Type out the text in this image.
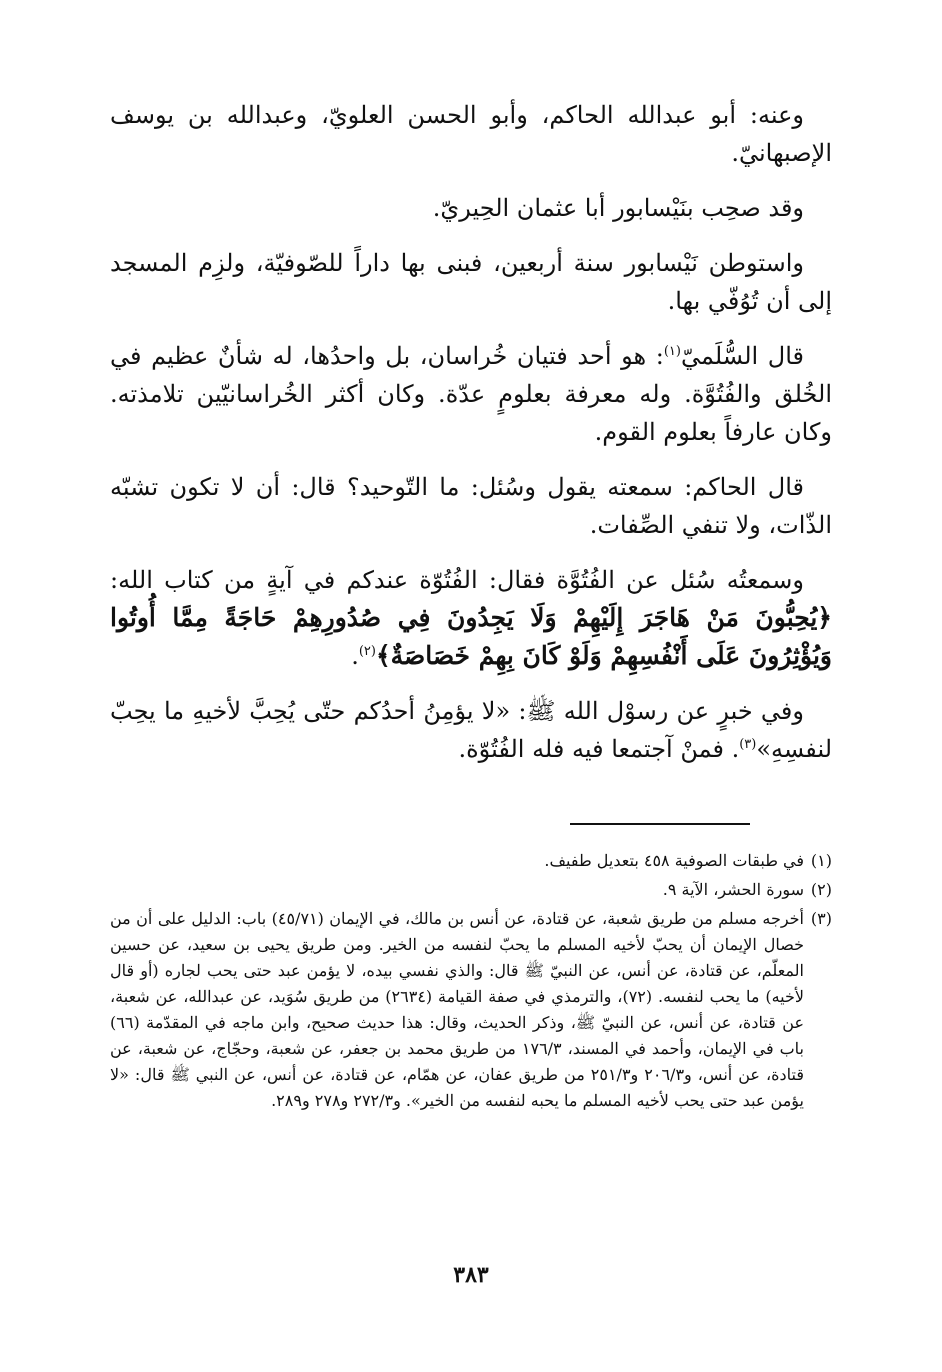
وعنه: أبو عبدالله الحاكم، وأبو الحسن العلويّ، وعبدالله بن يوسف الإصبهانيّ.

وقد صحِب بنَيْسابور أبا عثمان الحِيريّ.

واستوطن نَيْسابور سنة أربعين، فبنى بها داراً للصّوفيّة، ولزِم المسجد إلى أن تُوُفّي بها.

قال السُّلَميّ$^{(١)}$: هو أحد فتيان خُراسان، بل واحدُها، له شأنٌ عظيم في الخُلق والفُتُوَّة. وله معرفة بعلومٍ عدّة. وكان أكثر الخُراسانيّين تلامذته. وكان عارفاً بعلوم القوم.

قال الحاكم: سمعته يقول وسُئل: ما التّوحيد؟ قال: أن لا تكون تشبّه الذّات، ولا تنفي الصِّفات.

وسمعتُه سُئل عن الفُتُوَّة فقال: الفُتُوّة عندكم في آيةٍ من كتاب الله: ﴿يُحِبُّونَ مَنْ هَاجَرَ إِلَيْهِمْ وَلَا يَجِدُونَ فِي صُدُورِهِمْ حَاجَةً مِمَّا أُوتُوا وَيُؤْثِرُونَ عَلَى أَنْفُسِهِمْ وَلَوْ كَانَ بِهِمْ خَصَاصَةٌ﴾$^{(٢)}$.

وفي خبرٍ عن رسوْل الله ﷺ: «لا يؤمِنُ أحدُكم حتّى يُحِبَّ لأخيهِ ما يحِبّ لنفسِهِ»$^{(٣)}$. فمنْ آجتمعا فيه فله الفُتُوّة.

(١)
في طبقات الصوفية ٤٥٨ بتعديل طفيف.
(٢)
سورة الحشر، الآية ٩.
(٣)
أخرجه مسلم من طريق شعبة، عن قتادة، عن أنس بن مالك، في الإيمان (٤٥/٧١) باب: الدليل على أن من خصال الإيمان أن يحبّ لأخيه المسلم ما يحبّ لنفسه من الخير. ومن طريق يحيى بن سعيد، عن حسين المعلّم، عن قتادة، عن أنس، عن النبيّ ﷺ قال: والذي نفسي بيده، لا يؤمن عبد حتى يحب لجاره (أو قال لأخيه) ما يحب لنفسه. (٧٢)، والترمذي في صفة القيامة (٢٦٣٤) من طريق سُوَيد، عن عبدالله، عن شعبة، عن قتادة، عن أنس، عن النبيّ ﷺ، وذكر الحديث، وقال: هذا حديث صحيح، وابن ماجه في المقدّمة (٦٦) باب في الإيمان، وأحمد في المسند، ١٧٦/٣ من طريق محمد بن جعفر، عن شعبة، وحجّاج، عن شعبة، عن قتادة، عن أنس، و٢٠٦/٣ و٢٥١/٣ من طريق عفان، عن همّام، عن قتادة، عن أنس، عن النبي ﷺ قال: «لا يؤمن عبد حتى يحب لأخيه المسلم ما يحبه لنفسه من الخير». و٢٧٢/٣ و٢٧٨ و٢٨٩.
٣٨٣
